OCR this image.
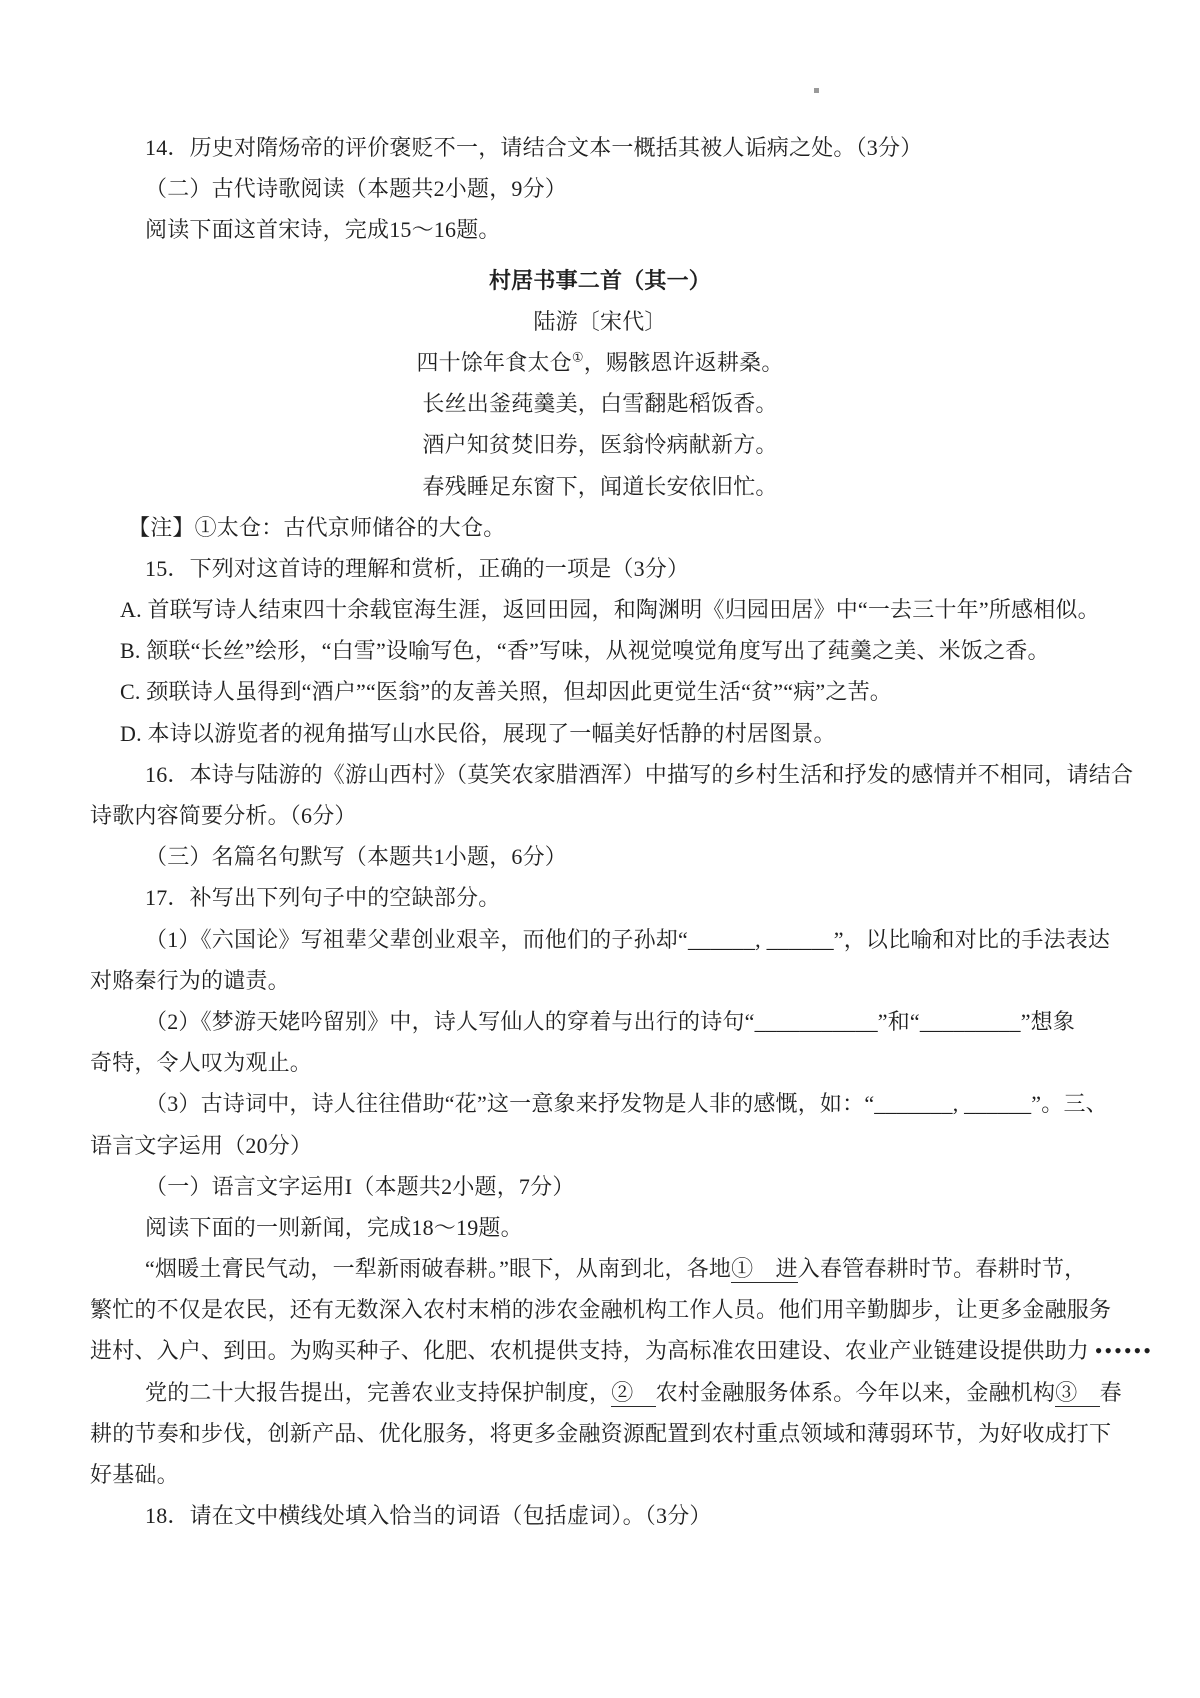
14．历史对隋炀帝的评价褒贬不一，请结合文本一概括其被人诟病之处。（3分）
（二）古代诗歌阅读（本题共2小题，9分）
阅读下面这首宋诗，完成15～16题。
村居书事二首（其一）
陆游〔宋代〕
四十馀年食太仓①，赐骸恩许返耕桑。
长丝出釜莼羹美，白雪翻匙稻饭香。
酒户知贫焚旧券，医翁怜病献新方。
春残睡足东窗下，闻道长安依旧忙。
【注】①太仓：古代京师储谷的大仓。
15．下列对这首诗的理解和赏析，正确的一项是（3分）
A. 首联写诗人结束四十余载宦海生涯，返回田园，和陶渊明《归园田居》中“一去三十年”所感相似。
B. 颔联“长丝”绘形，“白雪”设喻写色，“香”写味，从视觉嗅觉角度写出了莼羹之美、米饭之香。
C. 颈联诗人虽得到“酒户”“医翁”的友善关照，但却因此更觉生活“贫”“病”之苦。
D. 本诗以游览者的视角描写山水民俗，展现了一幅美好恬静的村居图景。
16．本诗与陆游的《游山西村》（莫笑农家腊酒浑）中描写的乡村生活和抒发的感情并不相同，请结合
诗歌内容简要分析。（6分）
（三）名篇名句默写（本题共1小题，6分）
17．补写出下列句子中的空缺部分。
（1）《六国论》写祖辈父辈创业艰辛，而他们的子孙却“______, ______”，以比喻和对比的手法表达
对赂秦行为的谴责。
（2）《梦游天姥吟留别》中，诗人写仙人的穿着与出行的诗句“___________”和“_________”想象
奇特，令人叹为观止。
（3）古诗词中，诗人往往借助“花”这一意象来抒发物是人非的感慨，如：“_______, ______”。三、
语言文字运用（20分）
（一）语言文字运用I（本题共2小题，7分）
阅读下面的一则新闻，完成18～19题。
“烟暖土膏民气动，一犁新雨破春耕。”眼下，从南到北，各地①　进入春管春耕时节。春耕时节，
繁忙的不仅是农民，还有无数深入农村末梢的涉农金融机构工作人员。他们用辛勤脚步，让更多金融服务
进村、入户、到田。为购买种子、化肥、农机提供支持，为高标准农田建设、农业产业链建设提供助力 ••••••
党的二十大报告提出，完善农业支持保护制度，②　农村金融服务体系。今年以来，金融机构③　春
耕的节奏和步伐，创新产品、优化服务，将更多金融资源配置到农村重点领域和薄弱环节，为好收成打下
好基础。
18．请在文中横线处填入恰当的词语（包括虚词）。（3分）
